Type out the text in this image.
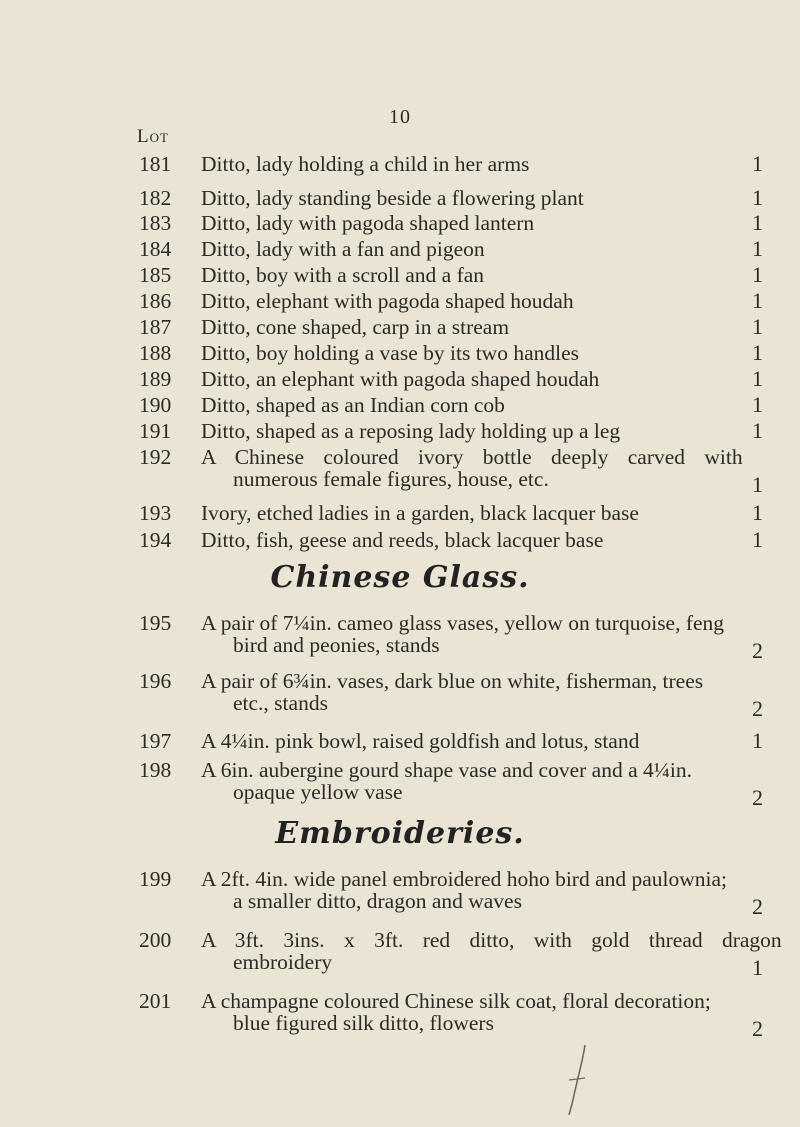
10
Lot
181 Ditto, lady holding a child in her arms	1
182 Ditto, lady standing beside a flowering plant	1
183 Ditto, lady with pagoda shaped lantern	1
184 Ditto, lady with a fan and pigeon	1
185 Ditto, boy with a scroll and a fan	1
186 Ditto, elephant with pagoda shaped houdah	1
187 Ditto, cone shaped, carp in a stream	1
188 Ditto, boy holding a vase by its two handles	1
189 Ditto, an elephant with pagoda shaped houdah	1
190 Ditto, shaped as an Indian corn cob	1
191 Ditto, shaped as a reposing lady holding up a leg	1
192 A Chinese coloured ivory bottle deeply carved with
numerous female figures, house, etc.	1
193 Ivory, etched ladies in a garden, black lacquer base	1
194 Ditto, fish, geese and reeds, black lacquer base	1
Chinese Glass.
195 A pair of 7¼in. cameo glass vases, yellow on turquoise, feng
bird and peonies, stands	2
196 A pair of 6¾in. vases, dark blue on white, fisherman, trees
etc., stands	2
197 A 4¼in. pink bowl, raised goldfish and lotus, stand	1
198 A 6in. aubergine gourd shape vase and cover and a 4¼in.
opaque yellow vase	2
Embroideries.
199 A 2ft. 4in. wide panel embroidered hoho bird and paulownia;
a smaller ditto, dragon and waves	2
200 A 3ft. 3ins. x 3ft. red ditto, with gold thread dragon
embroidery	1
201 A champagne coloured Chinese silk coat, floral decoration;
blue figured silk ditto, flowers	2
